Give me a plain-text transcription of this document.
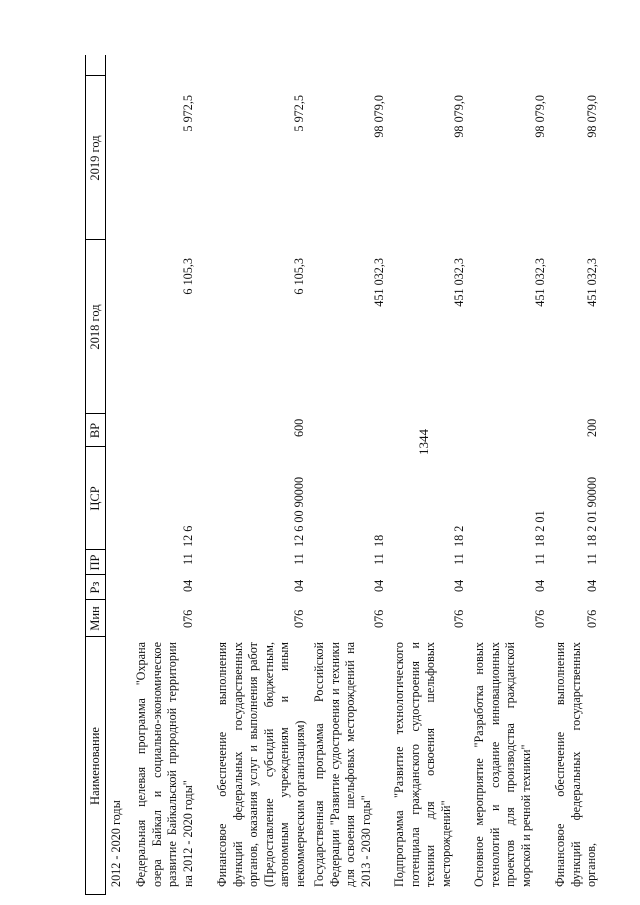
1344
Наименование
Мин
Рз
ПР
ЦСР
ВР
2018 год
2019 год

2012 - 2020 годы Федеральная целевая программа "Охрана озера Байкал и социально-экономическое развитие Байкальской природной территории на 2012 - 2020 годы"

076
04
11
12 6
6 105,3
5 972,5

Финансовое обеспечение выполнения функций федеральных государственных органов, оказания услуг и выполнения работ (Предоставление субсидий бюджетным, автономным учреждениям и иным некоммерческим организациям)

076
04
11
12 6 00 90000
600
6 105,3
5 972,5

Государственная программа Российской Федерации "Развитие судостроения и техники для освоения шельфовых месторождений на 2013 - 2030 годы"

076
04
11
18
451 032,3
98 079,0

Подпрограмма "Развитие технологического потенциала гражданского судостроения и техники для освоения шельфовых месторождений"

076
04
11
18 2
451 032,3
98 079,0

Основное мероприятие "Разработка новых технологий и создание инновационных проектов для производства гражданской морской и речной техники"

076
04
11
18 2 01
451 032,3
98 079,0

Финансовое обеспечение выполнения функций федеральных государственных органов,

076
04
11
18 2 01 90000
200
451 032,3
98 079,0
